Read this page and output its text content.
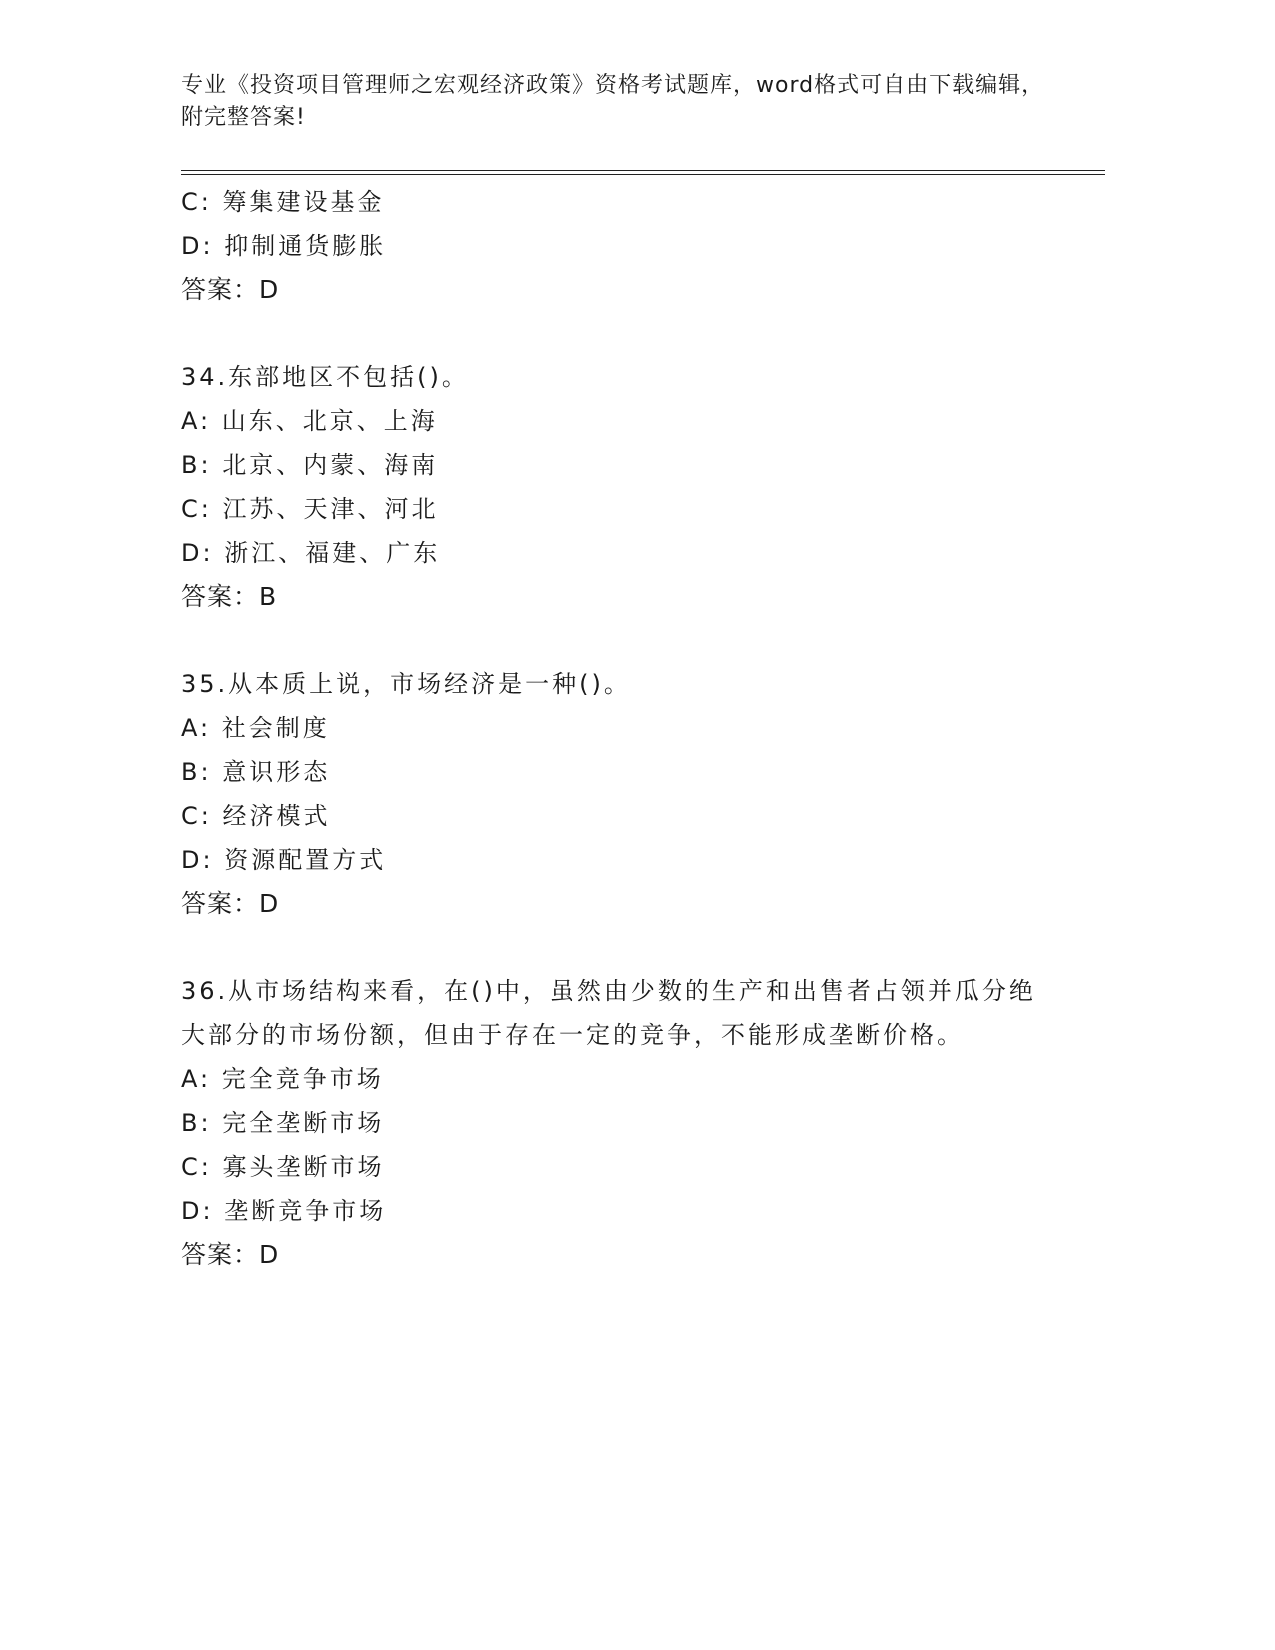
专业《投资项目管理师之宏观经济政策》资格考试题库，word格式可自由下载编辑，附完整答案!
C: 筹集建设基金
D: 抑制通货膨胀
答案：D
34.东部地区不包括()。
A: 山东、北京、上海
B: 北京、内蒙、海南
C: 江苏、天津、河北
D: 浙江、福建、广东
答案：B
35.从本质上说，市场经济是一种()。
A: 社会制度
B: 意识形态
C: 经济模式
D: 资源配置方式
答案：D
36.从市场结构来看，在()中，虽然由少数的生产和出售者占领并瓜分绝大部分的市场份额，但由于存在一定的竞争，不能形成垄断价格。
A: 完全竞争市场
B: 完全垄断市场
C: 寡头垄断市场
D: 垄断竞争市场
答案：D
